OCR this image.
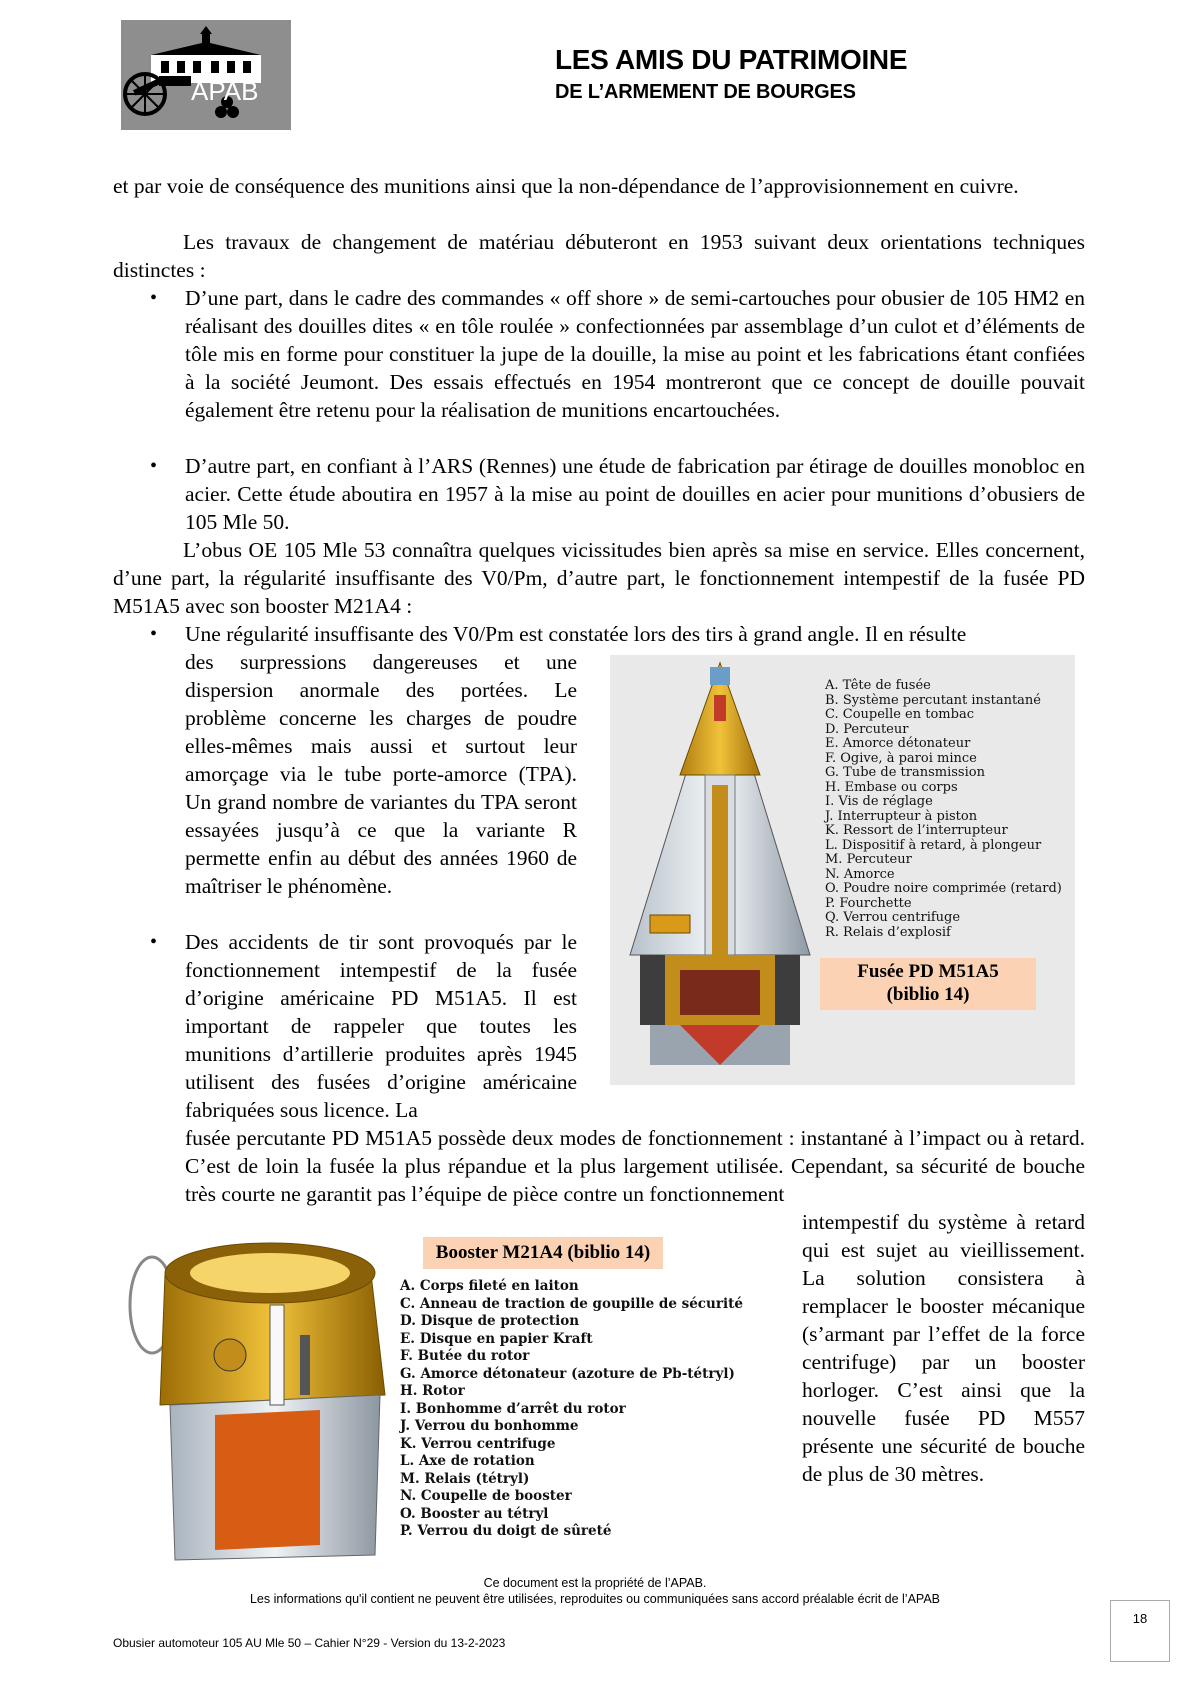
APAB
LES AMIS DU PATRIMOINE
DE L’ARMEMENT DE BOURGES

et par voie de conséquence des munitions ainsi que la non-dépendance de l’approvisionnement en cuivre.

Les travaux de changement de matériau débuteront en 1953 suivant deux orientations techniques distinctes :

• D’une part, dans le cadre des commandes « off shore » de semi-cartouches pour obusier de 105 HM2 en réalisant des douilles dites « en tôle roulée » confectionnées par assemblage d’un culot et d’éléments de tôle mis en forme pour constituer la jupe de la douille, la mise au point et les fabrications étant confiées à la société Jeumont. Des essais effectués en 1954 montreront que ce concept de douille pouvait également être retenu pour la réalisation de munitions encartouchées.

• D’autre part, en confiant à l’ARS (Rennes) une étude de fabrication par étirage de douilles monobloc en acier. Cette étude aboutira en 1957 à la mise au point de douilles en acier pour munitions d’obusiers de 105 Mle 50.

L’obus OE 105 Mle 53 connaîtra quelques vicissitudes bien après sa mise en service. Elles concernent, d’une part, la régularité insuffisante des V0/Pm, d’autre part, le fonctionnement intempestif de la fusée PD M51A5 avec son booster M21A4 :

• Une régularité insuffisante des V0/Pm est constatée lors des tirs à grand angle. Il en résulte

des surpressions dangereuses et une dispersion anormale des portées. Le problème concerne les charges de poudre elles-mêmes mais aussi et surtout leur amorçage via le tube porte-amorce (TPA). Un grand nombre de variantes du TPA seront essayées jusqu’à ce que la variante R permette enfin au début des années 1960 de maîtriser le phénomène.

• Des accidents de tir sont provoqués par le fonctionnement intempestif de la fusée d’origine américaine PD M51A5. Il est important de rappeler que toutes les munitions d’artillerie produites après 1945 utilisent des fusées d’origine américaine fabriquées sous licence. La

fusée percutante PD M51A5 possède deux modes de fonctionnement : instantané à l’impact ou à retard. C’est de loin la fusée la plus répandue et la plus largement utilisée. Cependant, sa sécurité de bouche très courte ne garantit pas l’équipe de pièce contre un fonctionnement

intempestif du système à retard qui est sujet au vieillissement. La solution consistera à remplacer le booster mécanique (s’armant par l’effet de la force centrifuge) par un booster horloger. C’est ainsi que la nouvelle fusée PD M557 présente une sécurité de bouche de plus de 30 mètres.

A. Tête de fusée
B. Système percutant instantané
C. Coupelle en tombac
D. Percuteur
E. Amorce détonateur
F. Ogive, à paroi mince
G. Tube de transmission
H. Embase ou corps
I. Vis de réglage
J. Interrupteur à piston
K. Ressort de l’interrupteur
L. Dispositif à retard, à plongeur
M. Percuteur
N. Amorce
O. Poudre noire comprimée (retard)
P. Fourchette
Q. Verrou centrifuge
R. Relais d’explosif
Fusée PD M51A5
(biblio 14)
Booster M21A4 (biblio 14)
A. Corps fileté en laiton
C. Anneau de traction de goupille de sécurité
D. Disque de protection
E. Disque en papier Kraft
F. Butée du rotor
G. Amorce détonateur (azoture de Pb-tétryl)
H. Rotor
I. Bonhomme d’arrêt du rotor
J. Verrou du bonhomme
K. Verrou centrifuge
L. Axe de rotation
M. Relais (tétryl)
N. Coupelle de booster
O. Booster au tétryl
P. Verrou du doigt de sûreté
Ce document est la propriété de l’APAB.
Les informations qu'il contient ne peuvent être utilisées, reproduites ou communiquées sans accord préalable écrit de l’APAB
Obusier automoteur 105 AU Mle 50 – Cahier N°29 - Version du 13-2-2023
18
